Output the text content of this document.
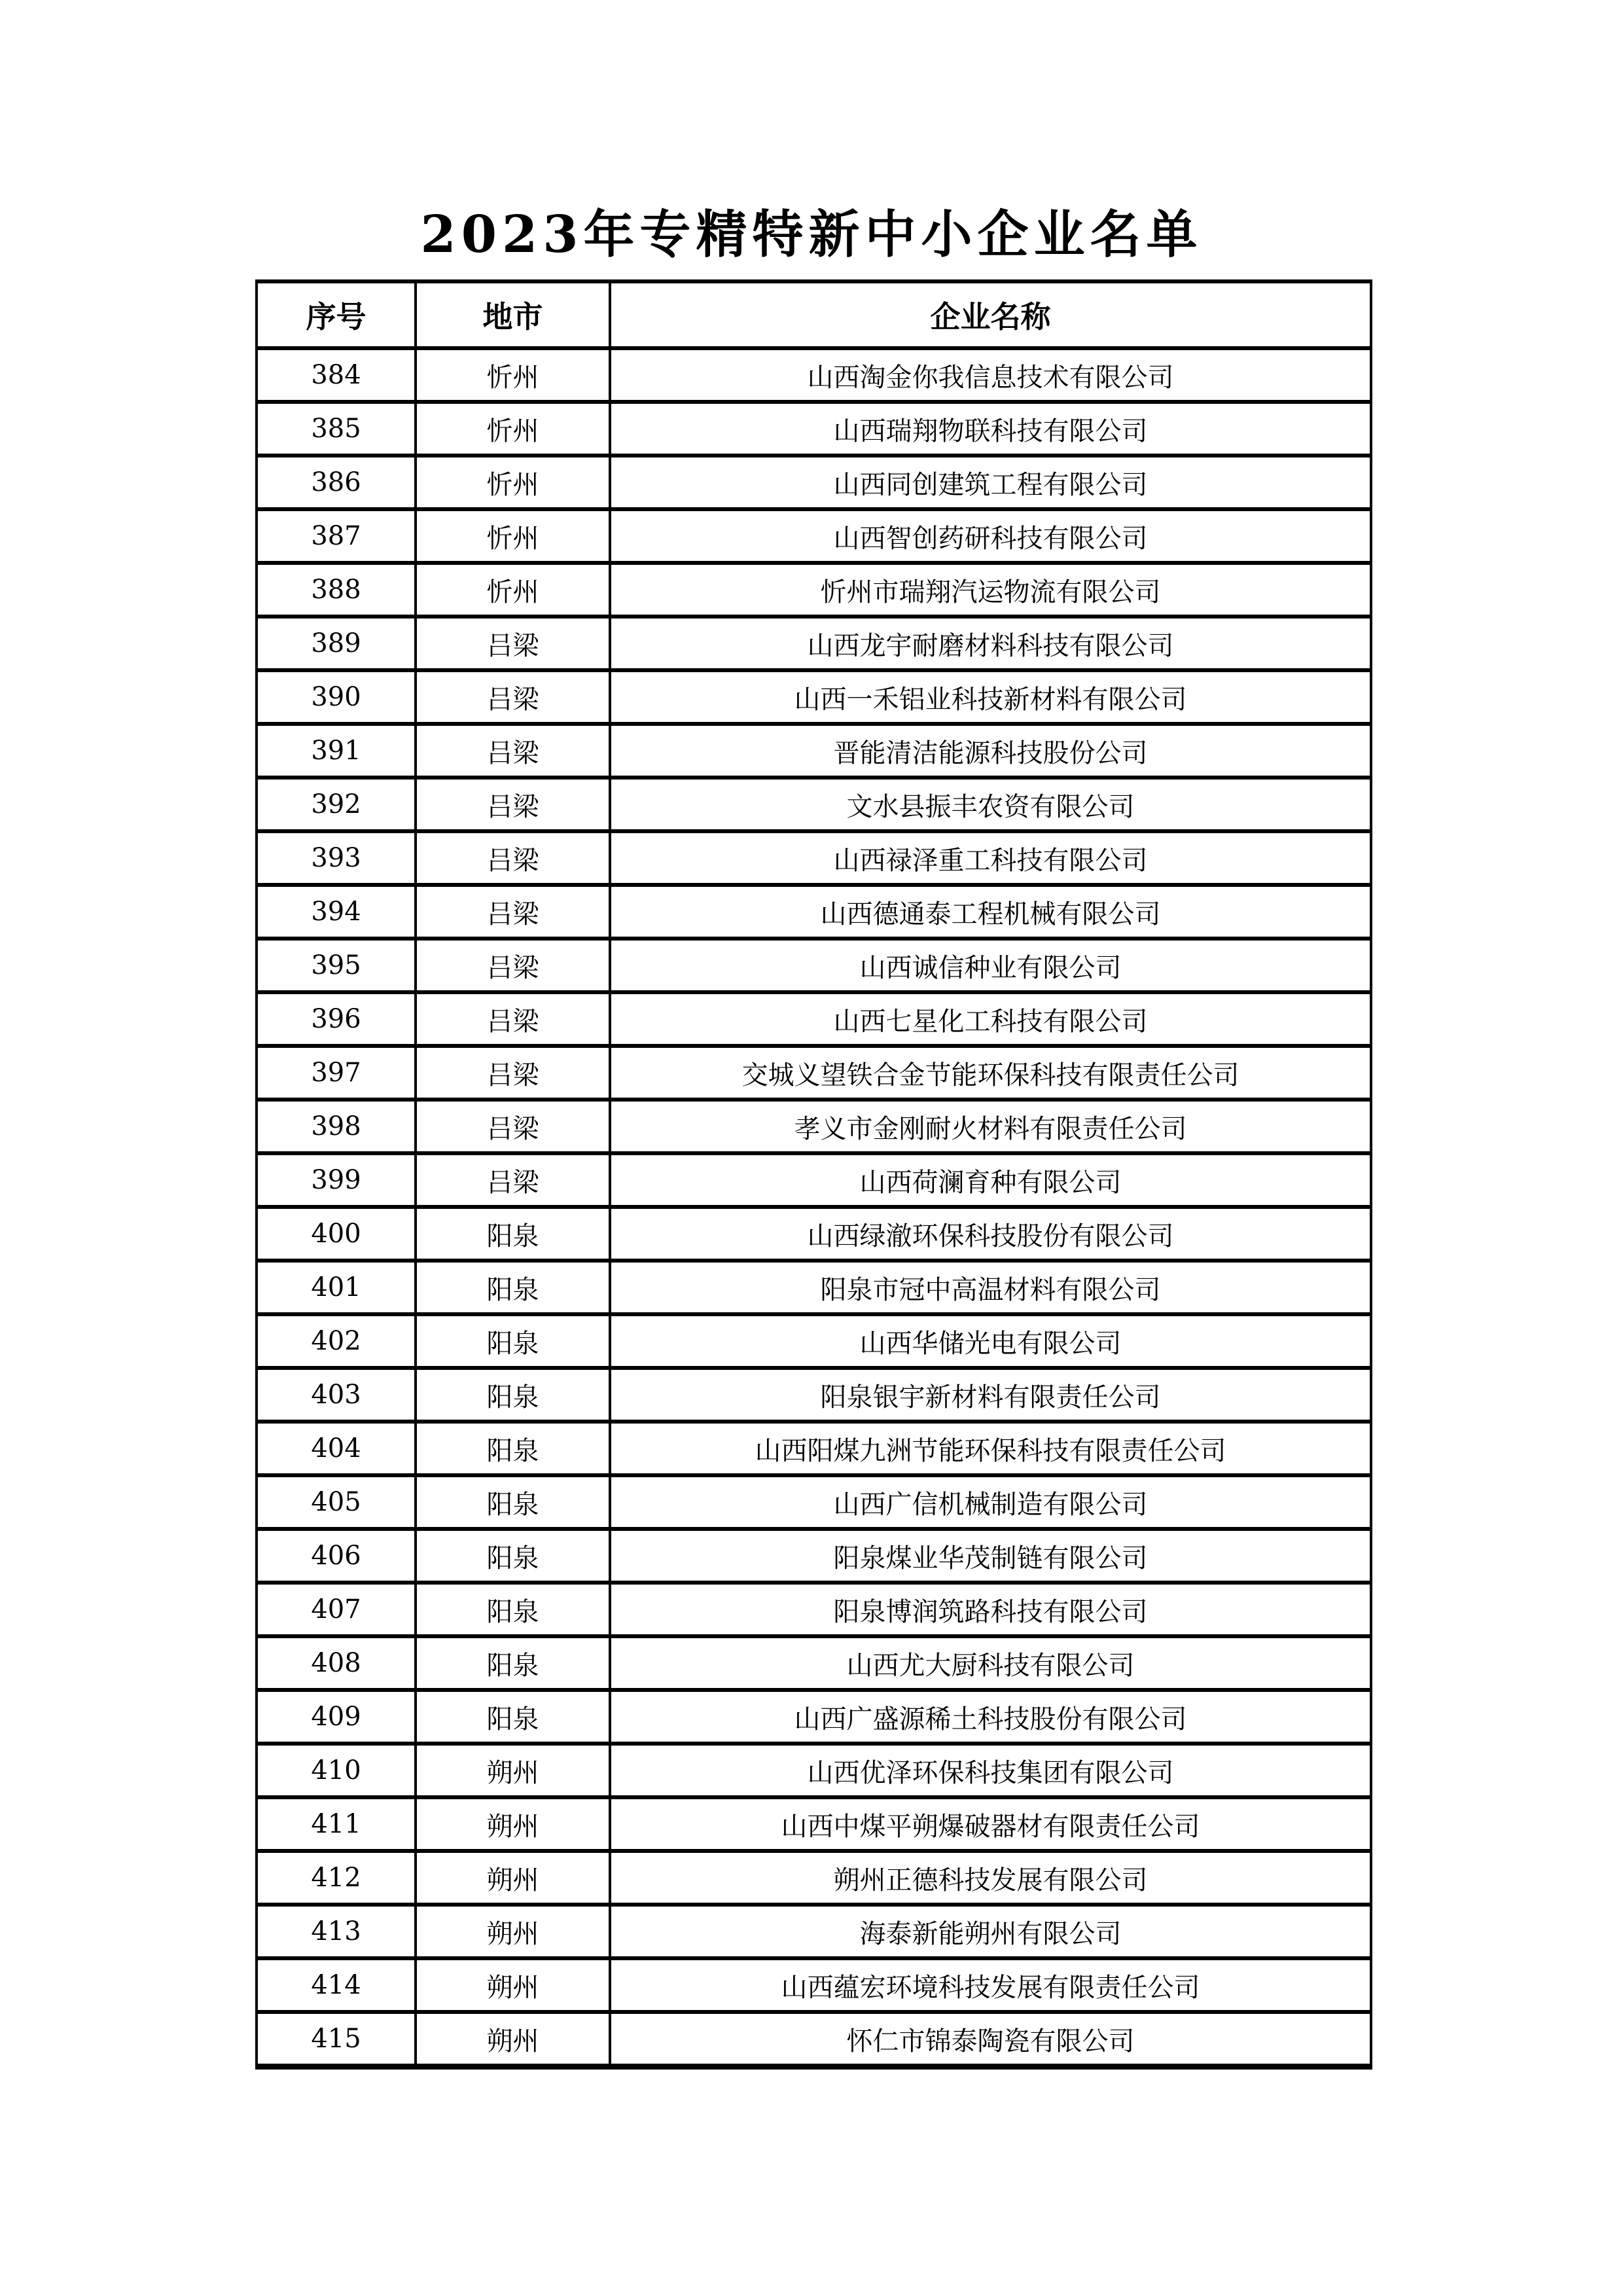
2023年专精特新中小企业名单
序号	地市	企业名称
384	忻州	山西淘金你我信息技术有限公司
385	忻州	山西瑞翔物联科技有限公司
386	忻州	山西同创建筑工程有限公司
387	忻州	山西智创药研科技有限公司
388	忻州	忻州市瑞翔汽运物流有限公司
389	吕梁	山西龙宇耐磨材料科技有限公司
390	吕梁	山西一禾铝业科技新材料有限公司
391	吕梁	晋能清洁能源科技股份公司
392	吕梁	文水县振丰农资有限公司
393	吕梁	山西禄泽重工科技有限公司
394	吕梁	山西德通泰工程机械有限公司
395	吕梁	山西诚信种业有限公司
396	吕梁	山西七星化工科技有限公司
397	吕梁	交城义望铁合金节能环保科技有限责任公司
398	吕梁	孝义市金刚耐火材料有限责任公司
399	吕梁	山西荷澜育种有限公司
400	阳泉	山西绿澈环保科技股份有限公司
401	阳泉	阳泉市冠中高温材料有限公司
402	阳泉	山西华储光电有限公司
403	阳泉	阳泉银宇新材料有限责任公司
404	阳泉	山西阳煤九洲节能环保科技有限责任公司
405	阳泉	山西广信机械制造有限公司
406	阳泉	阳泉煤业华茂制链有限公司
407	阳泉	阳泉博润筑路科技有限公司
408	阳泉	山西尤大厨科技有限公司
409	阳泉	山西广盛源稀土科技股份有限公司
410	朔州	山西优泽环保科技集团有限公司
411	朔州	山西中煤平朔爆破器材有限责任公司
412	朔州	朔州正德科技发展有限公司
413	朔州	海泰新能朔州有限公司
414	朔州	山西蕴宏环境科技发展有限责任公司
415	朔州	怀仁市锦泰陶瓷有限公司
